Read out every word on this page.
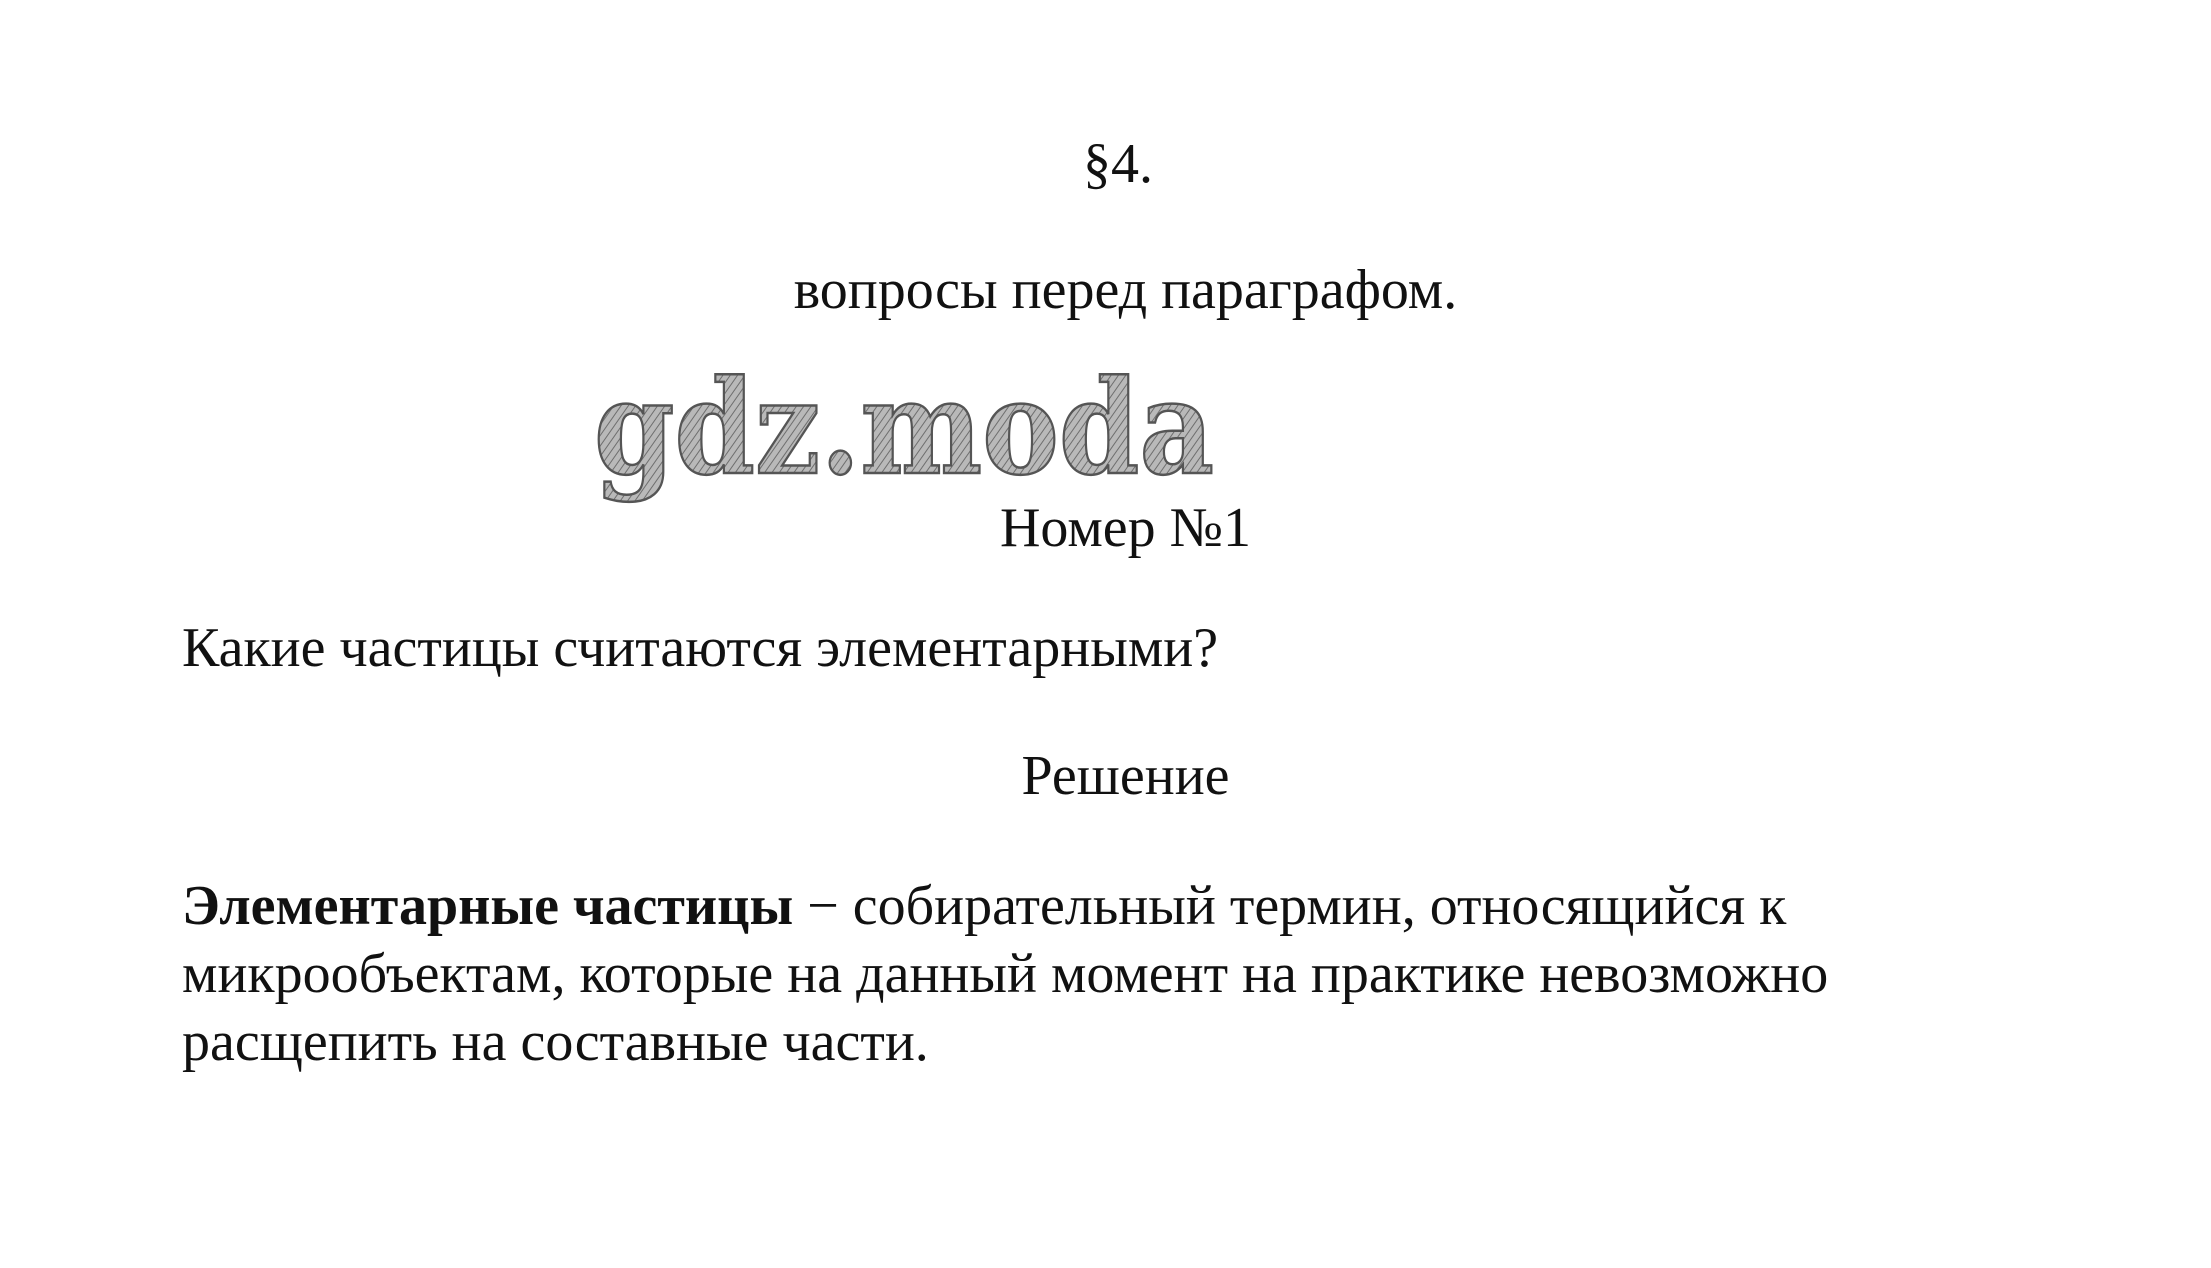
§4.
вопросы перед параграфом.
gdz.moda
Номер №1
Какие частицы считаются элементарными?
Решение
Элементарные частицы − собирательный термин, относящийся к
микрообъектам, которые на данный момент на практике невозможно
расщепить на составные части.
